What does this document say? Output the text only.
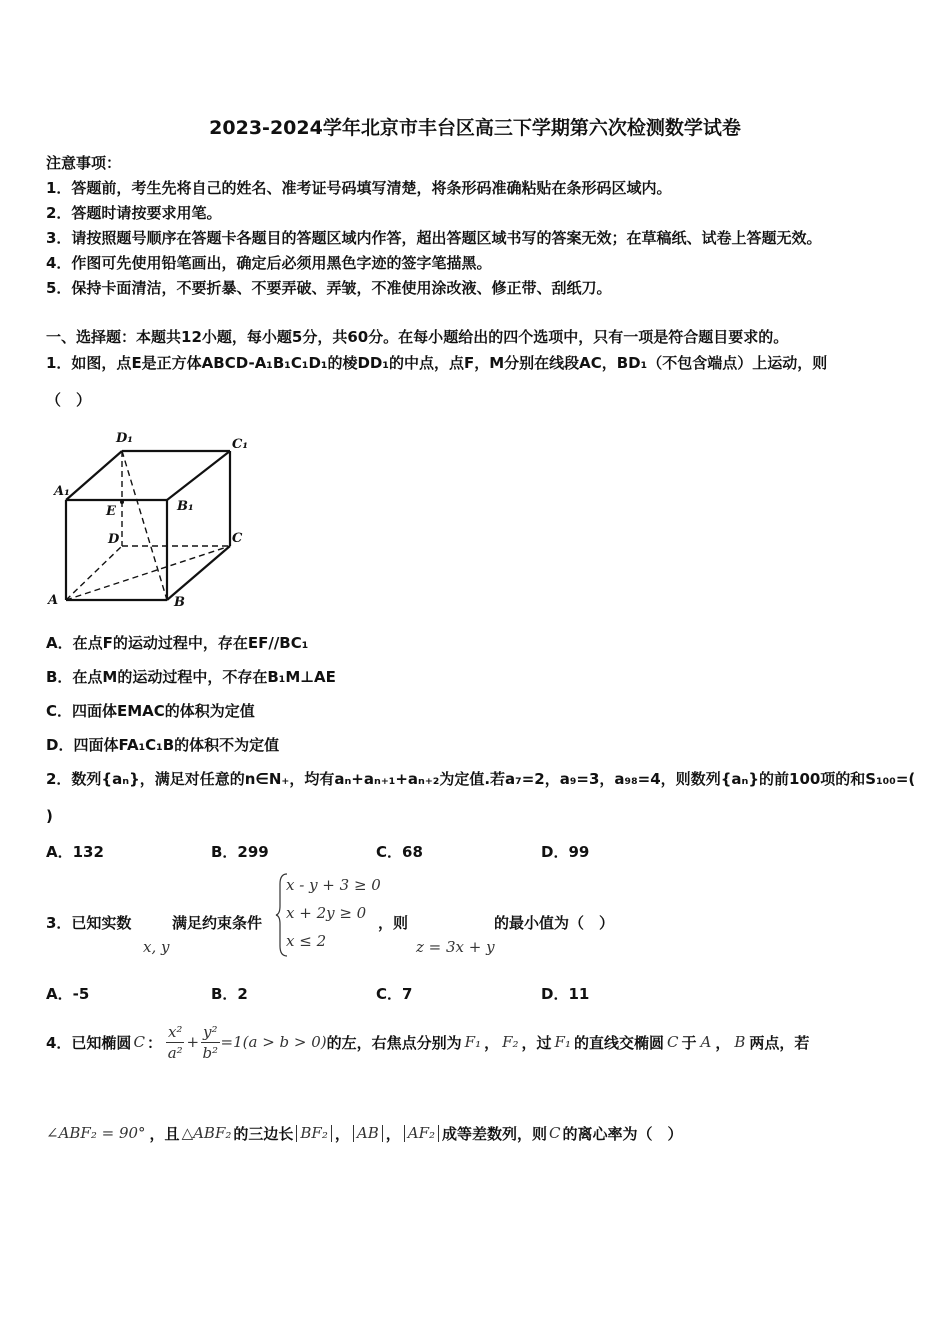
2023-2024学年北京市丰台区高三下学期第六次检测数学试卷
注意事项：
1．答题前，考生先将自己的姓名、准考证号码填写清楚，将条形码准确粘贴在条形码区域内。
2．答题时请按要求用笔。
3．请按照题号顺序在答题卡各题目的答题区域内作答，超出答题区域书写的答案无效；在草稿纸、试卷上答题无效。
4．作图可先使用铅笔画出，确定后必须用黑色字迹的签字笔描黑。
5．保持卡面清洁，不要折暴、不要弄破、弄皱，不准使用涂改液、修正带、刮纸刀。
一、选择题：本题共12小题，每小题5分，共60分。在每小题给出的四个选项中，只有一项是符合题目要求的。
1．如图，点E是正方体ABCD-A₁B₁C₁D₁的棱DD₁的中点，点F，M分别在线段AC，BD₁（不包含端点）上运动，则
（　）
D₁	C₁
A₁
B₁
E
D	C
A	B
A．在点F的运动过程中，存在EF//BC₁
B．在点M的运动过程中，不存在B₁M⊥AE
C．四面体EMAC的体积为定值
D．四面体FA₁C₁B的体积不为定值
2．数列{aₙ}，满足对任意的n∈N₊，均有aₙ+aₙ₊₁+aₙ₊₂为定值.若a₇=2，a₉=3，a₉₈=4，则数列{aₙ}的前100项的和S₁₀₀=(
)
A．132	B．299	C．68	D．99
3．已知实数
x, y
满足约束条件
x - y + 3 ≥ 0
x + 2y ≥ 0
x ≤ 2
，则
z = 3x + y
的最小值为（　）
A．-5	B．2	C．7	D．11
4．已知椭圆 C ： $\frac{\text{x²}}{\text{a²}} + \frac{\text{y²}}{\text{b²}} =1(a > b > 0)$ 的左，右焦点分别为 F₁ ， F₂ ，过 F₁ 的直线交椭圆 C 于 A ， B 两点，若
∠ABF₂ = 90° ，且 △ABF₂ 的三边长 BF₂ ， AB ， AF₂ 成等差数列，则 C 的离心率为（　）
